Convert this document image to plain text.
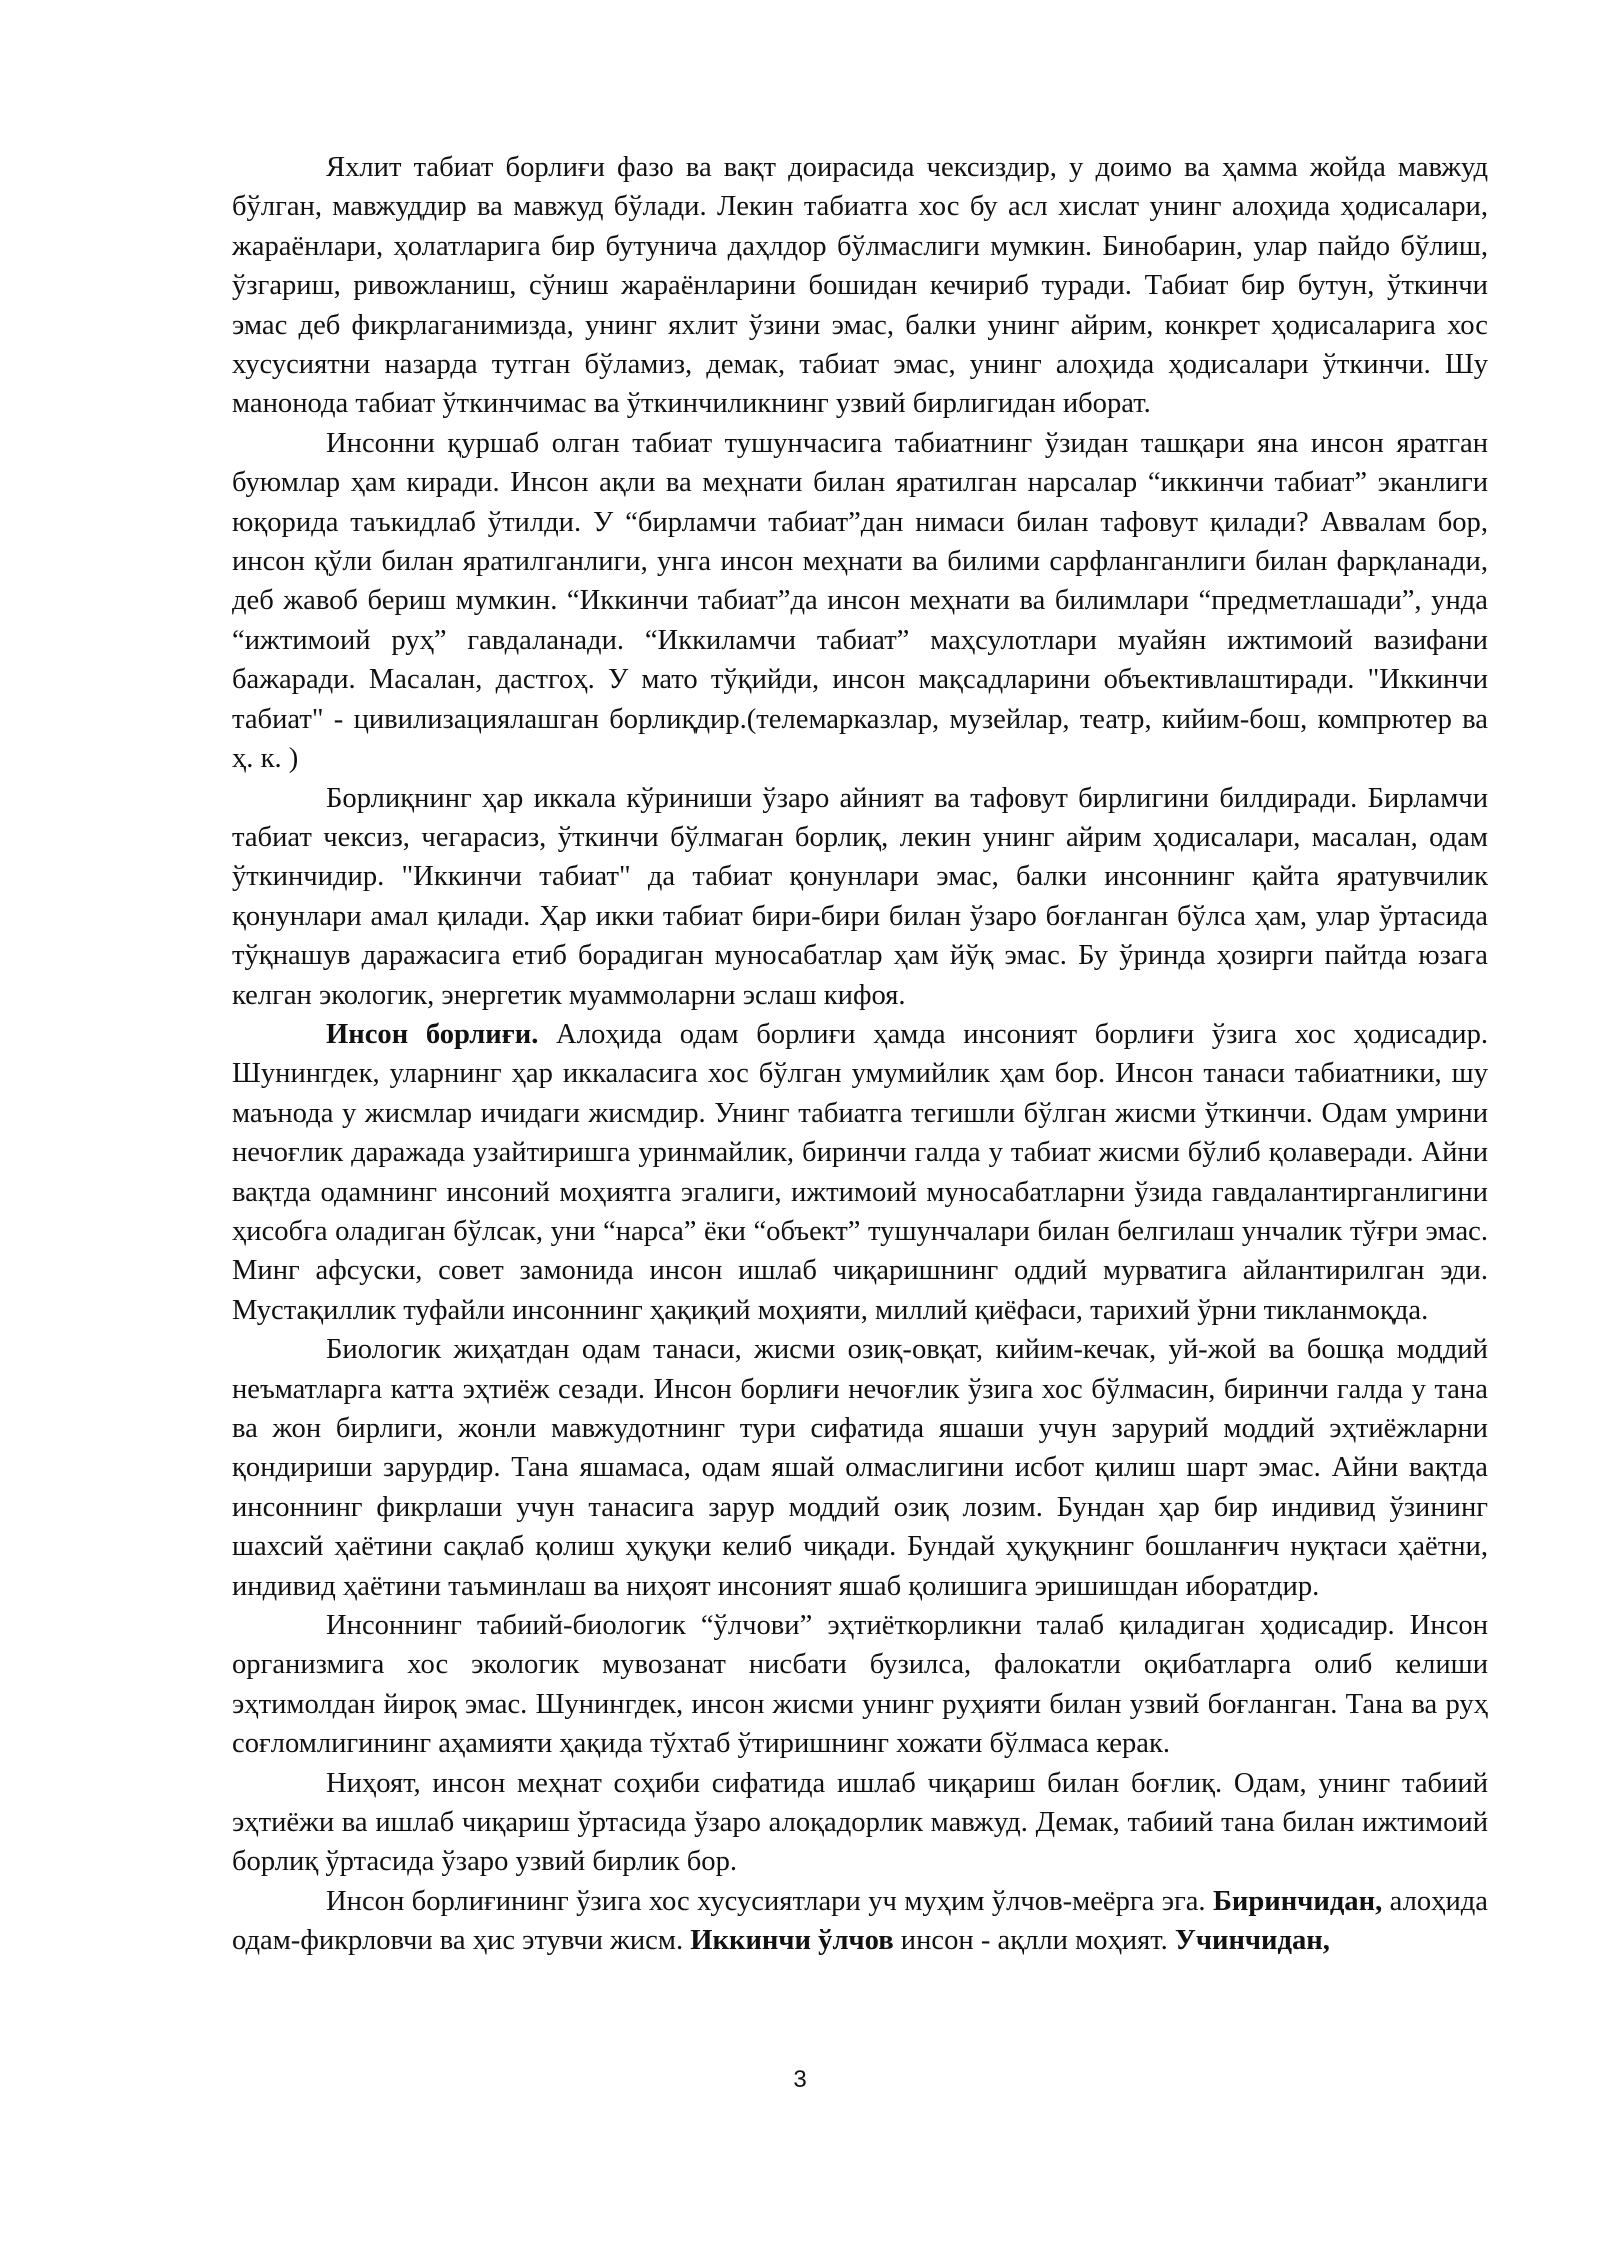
Яхлит табиат борлиғи фазо ва вақт доирасида чексиздир, у доимо ва ҳамма жойда мавжуд бўлган, мавжуддир ва мавжуд бўлади. Лекин табиатга хос бу асл хислат унинг алоҳида ҳодисалари, жараёнлари, ҳолатларига бир бутунича даҳлдор бўлмаслиги мумкин. Бинобарин, улар пайдо бўлиш, ўзгариш, ривожланиш, сўниш жараёнларини бошидан кечириб туради. Табиат бир бутун, ўткинчи эмас деб фикрлаганимизда, унинг яхлит ўзини эмас, балки унинг айрим, конкрет ҳодисаларига хос хусусиятни назарда тутган бўламиз, демак, табиат эмас, унинг алоҳида ҳодисалари ўткинчи. Шу манонода табиат ўткинчимас ва ўткинчиликнинг узвий бирлигидан иборат.

Инсонни қуршаб олган табиат тушунчасига табиатнинг ўзидан ташқари яна инсон яратган буюмлар ҳам киради. Инсон ақли ва меҳнати билан яратилган нарсалар “иккинчи табиат” эканлиги юқорида таъкидлаб ўтилди. У “бирламчи табиат”дан нимаси билан тафовут қилади? Аввалам бор, инсон қўли билан яратилганлиги, унга инсон меҳнати ва билими сарфланганлиги билан фарқланади, деб жавоб бериш мумкин. “Иккинчи табиат”да инсон меҳнати ва билимлари “предметлашади”, унда “ижтимоий руҳ” гавдаланади. “Иккиламчи табиат” маҳсулотлари муайян ижтимоий вазифани бажаради. Масалан, дастгоҳ. У мато тўқийди, инсон мақсадларини объективлаштиради. "Иккинчи табиат" - цивилизациялашган борлиқдир.(телемарказлар, музейлар, театр, кийим-бош, компрютер ва ҳ. к. )

Борлиқнинг ҳар иккала кўриниши ўзаро айният ва тафовут бирлигини билдиради. Бирламчи табиат чексиз, чегарасиз, ўткинчи бўлмаган борлиқ, лекин унинг айрим ҳодисалари, масалан, одам ўткинчидир. "Иккинчи табиат" да табиат қонунлари эмас, балки инсоннинг қайта яратувчилик қонунлари амал қилади. Ҳар икки табиат бири-бири билан ўзаро боғланган бўлса ҳам, улар ўртасида тўқнашув даражасига етиб борадиган муносабатлар ҳам йўқ эмас. Бу ўринда ҳозирги пайтда юзага келган экологик, энергетик муаммоларни эслаш кифоя.

Инсон борлиғи. Алоҳида одам борлиғи ҳамда инсоният борлиғи ўзига хос ҳодисадир. Шунингдек, уларнинг ҳар иккаласига хос бўлган умумийлик ҳам бор. Инсон танаси табиатники, шу маънода у жисмлар ичидаги жисмдир. Унинг табиатга тегишли бўлган жисми ўткинчи. Одам умрини нечоғлик даражада узайтиришга уринмайлик, биринчи галда у табиат жисми бўлиб қолаверади. Айни вақтда одамнинг инсоний моҳиятга эгалиги, ижтимоий муносабатларни ўзида гавдалантирганлигини ҳисобга оладиган бўлсак, уни “нарса” ёки “объект” тушунчалари билан белгилаш унчалик тўғри эмас. Минг афсуски, совет замонида инсон ишлаб чиқаришнинг оддий мурватига айлантирилган эди. Мустақиллик туфайли инсоннинг ҳақиқий моҳияти, миллий қиёфаси, тарихий ўрни тикланмоқда.

Биологик жиҳатдан одам танаси, жисми озиқ-овқат, кийим-кечак, уй-жой ва бошқа моддий неъматларга катта эҳтиёж сезади. Инсон борлиғи нечоғлик ўзига хос бўлмасин, биринчи галда у тана ва жон бирлиги, жонли мавжудотнинг тури сифатида яшаши учун зарурий моддий эҳтиёжларни қондириши зарурдир. Тана яшамаса, одам яшай олмаслигини исбот қилиш шарт эмас. Айни вақтда инсоннинг фикрлаши учун танасига зарур моддий озиқ лозим. Бундан ҳар бир индивид ўзининг шахсий ҳаётини сақлаб қолиш ҳуқуқи келиб чиқади. Бундай ҳуқуқнинг бошланғич нуқтаси ҳаётни, индивид ҳаётини таъминлаш ва ниҳоят инсоният яшаб қолишига эришишдан иборатдир.

Инсоннинг табиий-биологик “ўлчови” эҳтиёткорликни талаб қиладиган ҳодисадир. Инсон организмига хос экологик мувозанат нисбати бузилса, фалокатли оқибатларга олиб келиши эҳтимолдан йироқ эмас. Шунингдек, инсон жисми унинг руҳияти билан узвий боғланган. Тана ва руҳ соғломлигининг аҳамияти ҳақида тўхтаб ўтиришнинг хожати бўлмаса керак.

Ниҳоят, инсон меҳнат соҳиби сифатида ишлаб чиқариш билан боғлиқ. Одам, унинг табиий эҳтиёжи ва ишлаб чиқариш ўртасида ўзаро алоқадорлик мавжуд. Демак, табиий тана билан ижтимоий борлиқ ўртасида ўзаро узвий бирлик бор.

Инсон борлиғининг ўзига хос хусусиятлари уч муҳим ўлчов-меёрга эга. Биринчидан, алоҳида одам-фикрловчи ва ҳис этувчи жисм. Иккинчи ўлчов инсон - ақлли моҳият. Учинчидан,

3
